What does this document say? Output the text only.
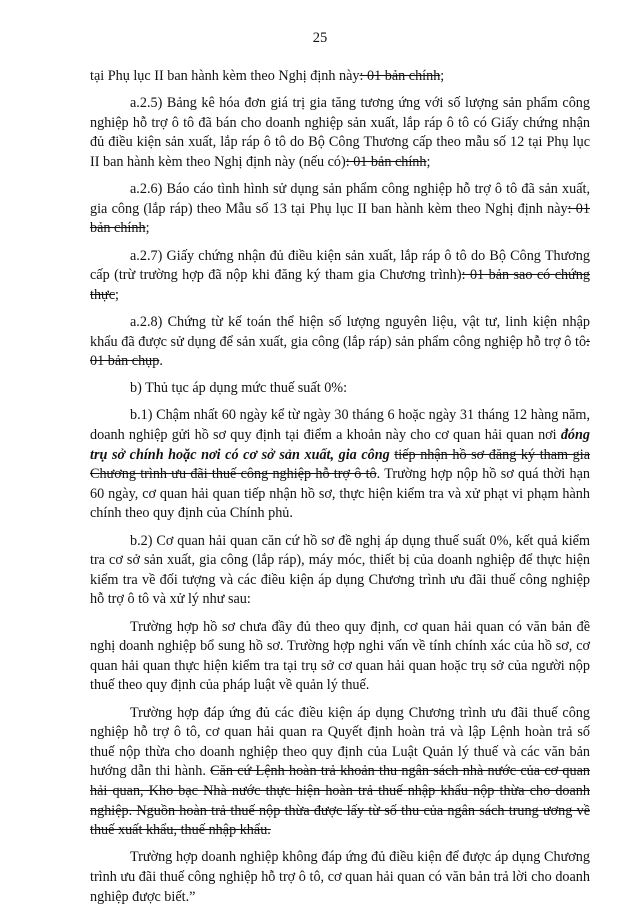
25

tại Phụ lục II ban hành kèm theo Nghị định này: 01 bản chính;

a.2.5) Bảng kê hóa đơn giá trị gia tăng tương ứng với số lượng sản phẩm công nghiệp hỗ trợ ô tô đã bán cho doanh nghiệp sản xuất, lắp ráp ô tô có Giấy chứng nhận đủ điều kiện sản xuất, lắp ráp ô tô do Bộ Công Thương cấp theo mẫu số 12 tại Phụ lục II ban hành kèm theo Nghị định này (nếu có): 01 bản chính;

a.2.6) Báo cáo tình hình sử dụng sản phẩm công nghiệp hỗ trợ ô tô đã sản xuất, gia công (lắp ráp) theo Mẫu số 13 tại Phụ lục II ban hành kèm theo Nghị định này: 01 bản chính;

a.2.7) Giấy chứng nhận đủ điều kiện sản xuất, lắp ráp ô tô do Bộ Công Thương cấp (trừ trường hợp đã nộp khi đăng ký tham gia Chương trình): 01 bản sao có chứng thực;

a.2.8) Chứng từ kế toán thể hiện số lượng nguyên liệu, vật tư, linh kiện nhập khẩu đã được sử dụng để sản xuất, gia công (lắp ráp) sản phẩm công nghiệp hỗ trợ ô tô: 01 bản chụp.

b) Thủ tục áp dụng mức thuế suất 0%:

b.1) Chậm nhất 60 ngày kể từ ngày 30 tháng 6 hoặc ngày 31 tháng 12 hàng năm, doanh nghiệp gửi hồ sơ quy định tại điểm a khoản này cho cơ quan hải quan nơi đóng trụ sở chính hoặc nơi có cơ sở sản xuất, gia công tiếp nhận hồ sơ đăng ký tham gia Chương trình ưu đãi thuế công nghiệp hỗ trợ ô tô. Trường hợp nộp hồ sơ quá thời hạn 60 ngày, cơ quan hải quan tiếp nhận hồ sơ, thực hiện kiểm tra và xử phạt vi phạm hành chính theo quy định của Chính phủ.

b.2) Cơ quan hải quan căn cứ hồ sơ đề nghị áp dụng thuế suất 0%, kết quả kiểm tra cơ sở sản xuất, gia công (lắp ráp), máy móc, thiết bị của doanh nghiệp để thực hiện kiểm tra về đối tượng và các điều kiện áp dụng Chương trình ưu đãi thuế công nghiệp hỗ trợ ô tô và xử lý như sau:

Trường hợp hồ sơ chưa đầy đủ theo quy định, cơ quan hải quan có văn bản đề nghị doanh nghiệp bổ sung hồ sơ. Trường hợp nghi vấn về tính chính xác của hồ sơ, cơ quan hải quan thực hiện kiểm tra tại trụ sở cơ quan hải quan hoặc trụ sở của người nộp thuế theo quy định của pháp luật về quản lý thuế.

Trường hợp đáp ứng đủ các điều kiện áp dụng Chương trình ưu đãi thuế công nghiệp hỗ trợ ô tô, cơ quan hải quan ra Quyết định hoàn trả và lập Lệnh hoàn trả số thuế nộp thừa cho doanh nghiệp theo quy định của Luật Quản lý thuế và các văn bản hướng dẫn thi hành. Căn cứ Lệnh hoàn trả khoản thu ngân sách nhà nước của cơ quan hải quan, Kho bạc Nhà nước thực hiện hoàn trả thuế nhập khẩu nộp thừa cho doanh nghiệp. Nguồn hoàn trả thuế nộp thừa được lấy từ số thu của ngân sách trung ương về thuế xuất khẩu, thuế nhập khẩu.

Trường hợp doanh nghiệp không đáp ứng đủ điều kiện để được áp dụng Chương trình ưu đãi thuế công nghiệp hỗ trợ ô tô, cơ quan hải quan có văn bản trả lời cho doanh nghiệp được biết.”
